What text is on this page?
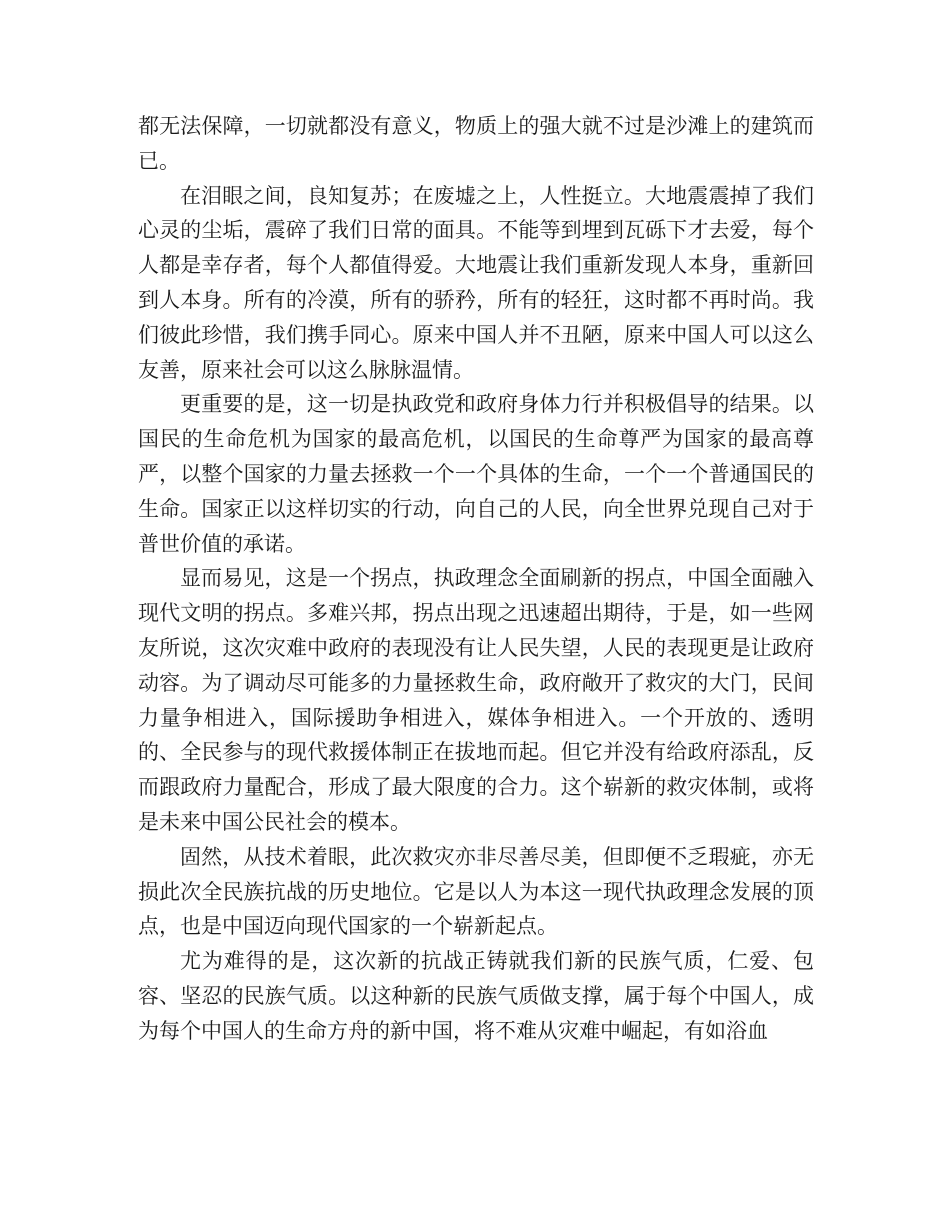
都无法保障，一切就都没有意义，物质上的强大就不过是沙滩上的建筑而已。

在泪眼之间，良知复苏；在废墟之上，人性挺立。大地震震掉了我们心灵的尘垢，震碎了我们日常的面具。不能等到埋到瓦砾下才去爱，每个人都是幸存者，每个人都值得爱。大地震让我们重新发现人本身，重新回到人本身。所有的冷漠，所有的骄矜，所有的轻狂，这时都不再时尚。我们彼此珍惜，我们携手同心。原来中国人并不丑陋，原来中国人可以这么友善，原来社会可以这么脉脉温情。

更重要的是，这一切是执政党和政府身体力行并积极倡导的结果。以国民的生命危机为国家的最高危机，以国民的生命尊严为国家的最高尊严，以整个国家的力量去拯救一个一个具体的生命，一个一个普通国民的生命。国家正以这样切实的行动，向自己的人民，向全世界兑现自己对于普世价值的承诺。

显而易见，这是一个拐点，执政理念全面刷新的拐点，中国全面融入现代文明的拐点。多难兴邦，拐点出现之迅速超出期待，于是，如一些网友所说，这次灾难中政府的表现没有让人民失望，人民的表现更是让政府动容。为了调动尽可能多的力量拯救生命，政府敞开了救灾的大门，民间力量争相进入，国际援助争相进入，媒体争相进入。一个开放的、透明的、全民参与的现代救援体制正在拔地而起。但它并没有给政府添乱，反而跟政府力量配合，形成了最大限度的合力。这个崭新的救灾体制，或将是未来中国公民社会的模本。

固然，从技术着眼，此次救灾亦非尽善尽美，但即便不乏瑕疵，亦无损此次全民族抗战的历史地位。它是以人为本这一现代执政理念发展的顶点，也是中国迈向现代国家的一个崭新起点。

尤为难得的是，这次新的抗战正铸就我们新的民族气质，仁爱、包容、坚忍的民族气质。以这种新的民族气质做支撑，属于每个中国人，成为每个中国人的生命方舟的新中国，将不难从灾难中崛起，有如浴血
